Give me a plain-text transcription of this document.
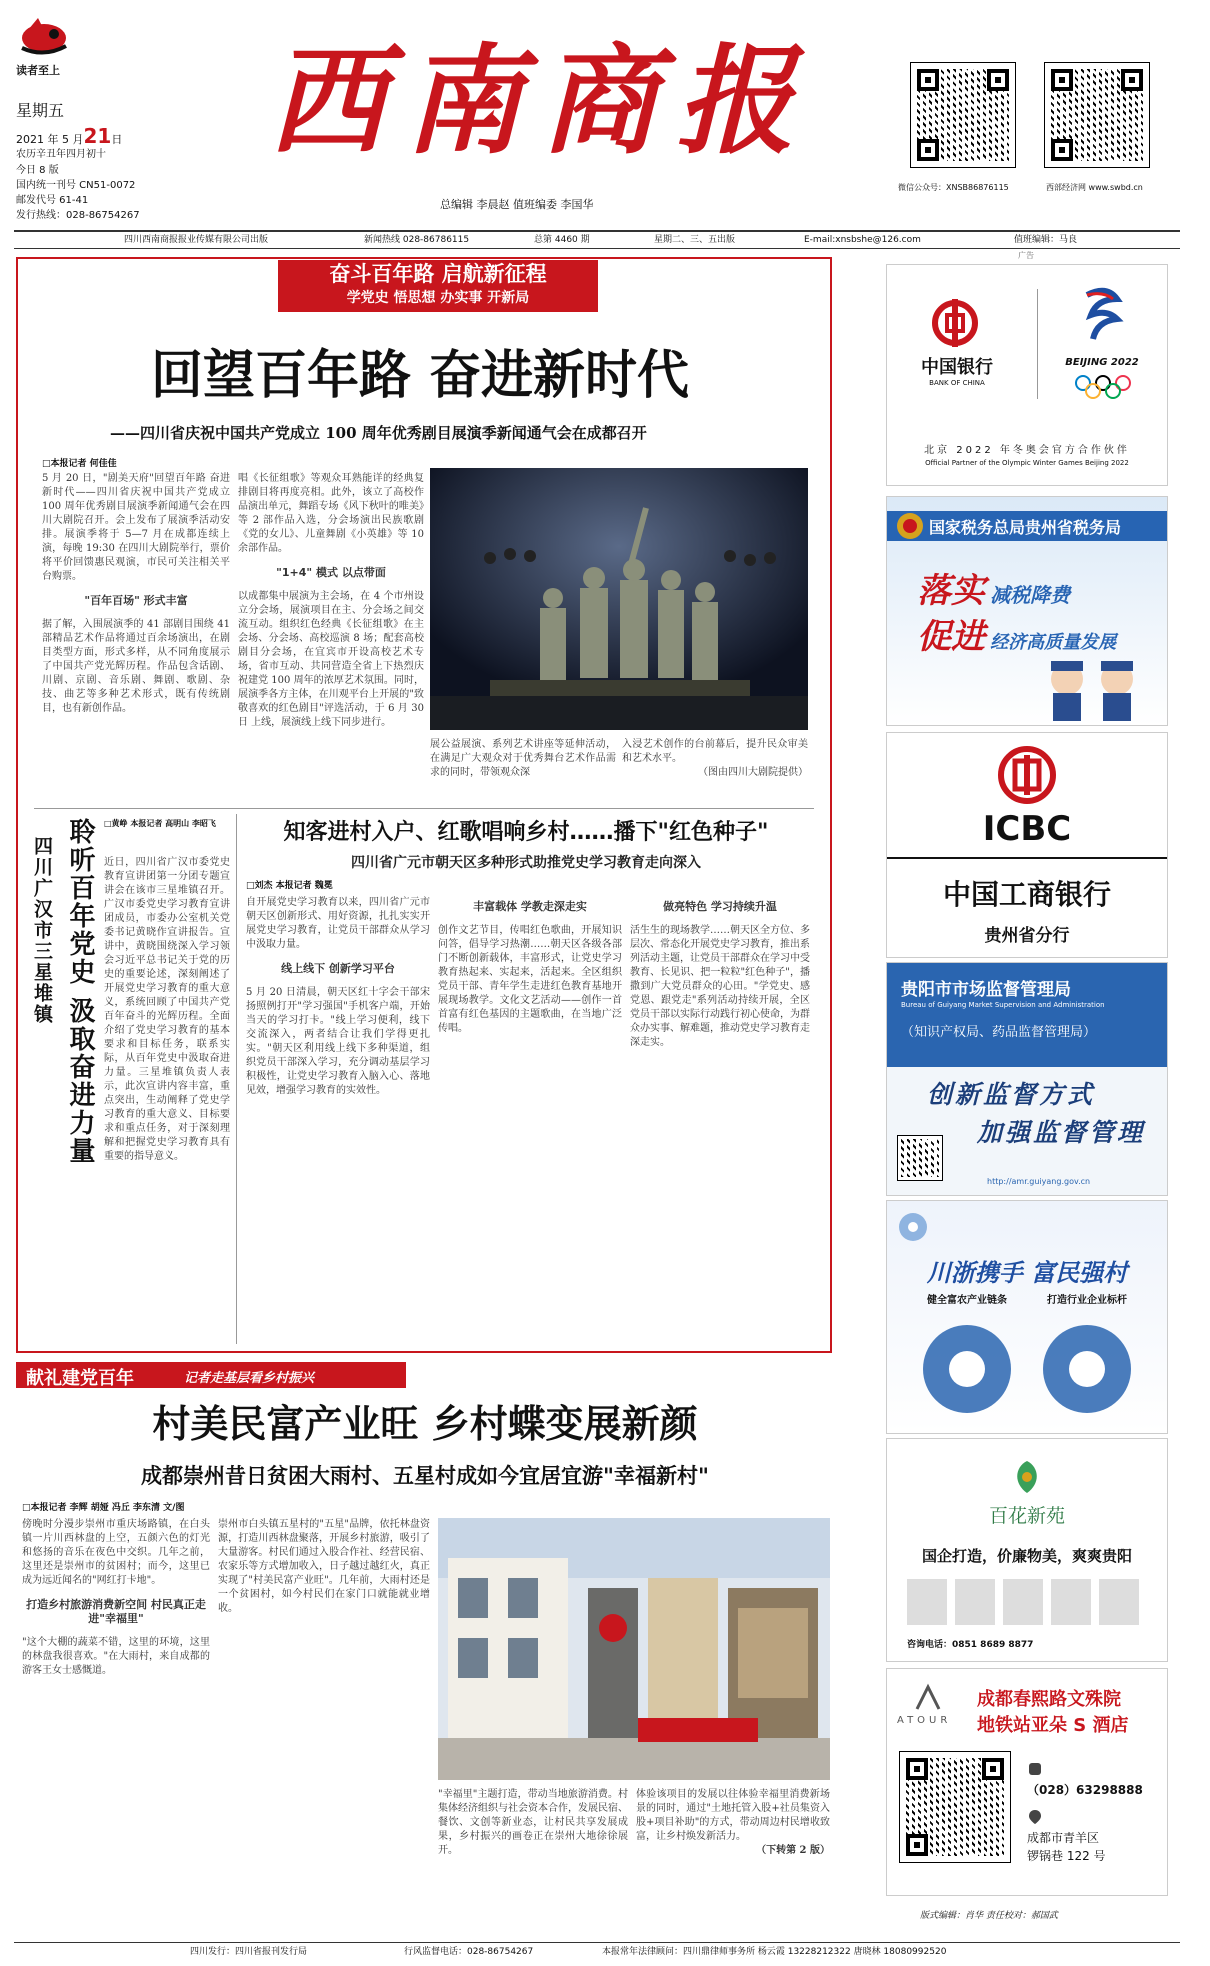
读者至上
星期五
2021 年 5 月21日
农历辛丑年四月初十
今日 8 版
国内统一刊号 CN51-0072
邮发代号 61-41
发行热线：028-86754267
西南商报
总编辑 李晨赵 值班编委 李国华
微信公众号：XNSB86876115	西部经济网 www.swbd.cn
四川西南商报报业传媒有限公司出版	新闻热线 028-86786115	总第 4460 期	星期二、三、五出版	E-mail:xnsbshe@126.com	值班编辑：马良
广告
奋斗百年路 启航新征程
学党史 悟思想 办实事 开新局
回望百年路 奋进新时代
——四川省庆祝中国共产党成立 100 周年优秀剧目展演季新闻通气会在成都召开
□本报记者 何佳佳
5 月 20 日，"剧美天府"回望百年路 奋进新时代——四川省庆祝中国共产党成立 100 周年优秀剧目展演季新闻通气会在四川大剧院召开。会上发布了展演季活动安排。展演季将于 5—7 月在成都连续上演，每晚 19:30 在四川大剧院举行，票价将平价回馈惠民观演，市民可关注相关平台购票。
"百年百场" 形式丰富
据了解，入围展演季的 41 部剧目围绕 41 部精品艺术作品将通过百余场演出，在剧目类型方面，形式多样，从不同角度展示了中国共产党光辉历程。作品包含话剧、川剧、京剧、音乐剧、舞剧、歌剧、杂技、曲艺等多种艺术形式，既有传统剧目，也有新创作品。
唱《长征组歌》等观众耳熟能详的经典复排剧目将再度亮相。此外，该立了高校作品演出单元，舞蹈专场《风下秋叶的唯美》等 2 部作品入选，分会场演出民族歌剧《党的女儿》、儿童舞剧《小英雄》等 10 余部作品。
"1+4" 模式 以点带面
以成都集中展演为主会场，在 4 个市州设立分会场，展演项目在主、分会场之间交流互动。组织红色经典《长征组歌》在主会场、分会场、高校巡演 8 场；配套高校剧目分会场，在宜宾市开设高校艺术专场，省市互动、共同营造全省上下热烈庆祝建党 100 周年的浓厚艺术氛围。同时，展演季各方主体，在川观平台上开展的"致敬喜欢的红色剧目"评选活动，于 6 月 30 日 上线，展演线上线下同步进行。
展公益展演、系列艺术讲座等延伸活动，在满足广大观众对于优秀舞台艺术作品需求的同时，带领观众深
入浸艺术创作的台前幕后，提升民众审美和艺术水平。
（图由四川大剧院提供）
聆听百年党史 汲取奋进力量
四川广汉市三星堆镇
□黄峥 本报记者 高明山 李昭飞
近日，四川省广汉市委党史教育宣讲团第一分团专题宣讲会在该市三星堆镇召开。广汉市委党史学习教育宣讲团成员，市委办公室机关党委书记黄晓作宣讲报告。宣讲中，黄晓围绕深入学习领会习近平总书记关于党的历史的重要论述，深刻阐述了开展党史学习教育的重大意义，系统回顾了中国共产党百年奋斗的光辉历程。全面介绍了党史学习教育的基本要求和目标任务，联系实际，从百年党史中汲取奋进力量。三星堆镇负责人表示，此次宣讲内容丰富，重点突出，生动阐释了党史学习教育的重大意义、目标要求和重点任务，对于深刻理解和把握党史学习教育具有重要的指导意义。
知客进村入户、红歌唱响乡村……播下"红色种子"
四川省广元市朝天区多种形式助推党史学习教育走向深入
□刘杰 本报记者 魏冕
自开展党史学习教育以来，四川省广元市朝天区创新形式、用好资源，扎扎实实开展党史学习教育，让党员干部群众从学习中汲取力量。
线上线下 创新学习平台
5 月 20 日清晨，朝天区红十字会干部宋扬照例打开"学习强国"手机客户端，开始当天的学习打卡。"线上学习便利，线下交流深入，两者结合让我们学得更扎实。"朝天区利用线上线下多种渠道，组织党员干部深入学习，充分调动基层学习积极性，让党史学习教育入脑入心、落地见效，增强学习教育的实效性。
丰富载体 学教走深走实
创作文艺节目，传唱红色歌曲，开展知识问答，倡导学习热潮……朝天区各级各部门不断创新载体，丰富形式，让党史学习教育热起来、实起来，活起来。全区组织党员干部、青年学生走进红色教育基地开展现场教学。文化文艺活动——创作一首首富有红色基因的主题歌曲，在当地广泛传唱。
做亮特色 学习持续升温
活生生的现场教学……朝天区全方位、多层次、常态化开展党史学习教育，推出系列活动主题，让党员干部群众在学习中受教育、长见识、把一粒粒"红色种子"，播撒到广大党员群众的心田。"学党史、感党恩、跟党走"系列活动持续开展，全区党员干部以实际行动践行初心使命，为群众办实事、解难题，推动党史学习教育走深走实。
献礼建党百年	记者走基层看乡村振兴
村美民富产业旺 乡村蝶变展新颜
成都崇州昔日贫困大雨村、五星村成如今宜居宜游"幸福新村"
□本报记者 李辉 胡娅 冯丘 李东清 文/图
傍晚时分漫步崇州市重庆场路镇，在白头镇一片川西林盘的上空，五颜六色的灯光和悠扬的音乐在夜色中交织。几年之前，这里还是崇州市的贫困村；而今，这里已成为远近闻名的"网红打卡地"。
打造乡村旅游消费新空间 村民真正走进"幸福里"
"这个大棚的蔬菜不错，这里的环境，这里的林盘我很喜欢。"在大雨村，来自成都的游客王女士感慨道。
崇州市白头镇五星村的"五星"品牌，依托林盘资源，打造川西林盘聚落，开展乡村旅游，吸引了大量游客。村民们通过入股合作社、经营民宿、农家乐等方式增加收入，日子越过越红火，真正实现了"村美民富产业旺"。几年前，大雨村还是一个贫困村，如今村民们在家门口就能就业增收。
"幸福里"主题打造，带动当地旅游消费。村集体经济组织与社会资本合作，发展民宿、餐饮、文创等新业态，让村民共享发展成果，乡村振兴的画卷正在崇州大地徐徐展开。
体验该项目的发展以往体验幸福里消费新场景的同时，通过"土地托管入股+社员集资入股+项目补助"的方式，带动周边村民增收致富，让乡村焕发新活力。
（下转第 2 版）
中国银行
BANK OF CHINA
BEIJING 2022
北京 2022 年冬奥会官方合作伙伴
Official Partner of the Olympic Winter Games Beijing 2022
国家税务总局贵州省税务局
落实 减税降费
促进 经济高质量发展
ICBC
中国工商银行
贵州省分行
贵阳市市场监督管理局
Bureau of Guiyang Market Supervision and Administration
（知识产权局、药品监督管理局）
创新监督方式
加强监督管理
http://amr.guiyang.gov.cn
川浙携手 富民强村
健全富农产业链条	打造行业企业标杆
百花新苑
国企打造，价廉物美，爽爽贵阳
咨询电话：0851 8689 8877
ATOUR
成都春熙路文殊院
地铁站亚朵 S 酒店
（028）63298888
成都市青羊区
锣锅巷 122 号
版式编辑：肖华 责任校对：郝国武
四川发行：四川省报刊发行局	行风监督电话：028-86754267	本报常年法律顾问：四川鼎律师事务所 杨云霞 13228212322 唐晓林 18080992520
